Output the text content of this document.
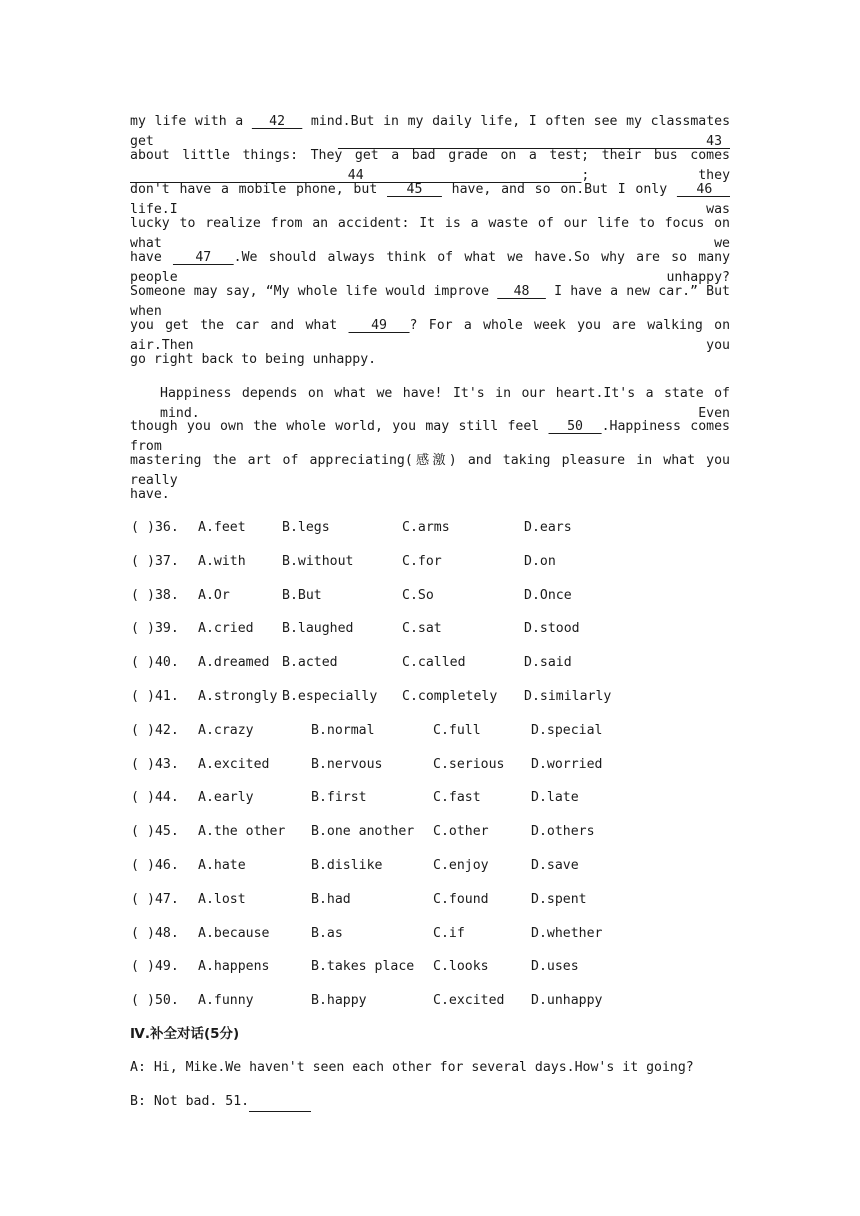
my life with a   42   mind.But in my daily life, I often see my classmates get   43
about little things: They get a bad grade on a test; their bus comes   44  ; they
don't have a mobile phone, but   45   have, and so on.But I only   46   life.I was
lucky to realize from an accident: It is a waste of our life to focus on what we
have   47  .We should always think of what we have.So why are so many people unhappy?
Someone may say, “My whole life would improve   48   I have a new car.” But when
you get the car and what   49  ? For a whole week you are walking on air.Then you
go right back to being unhappy.
Happiness depends on what we have! It's in our heart.It's a state of mind. Even
though you own the whole world, you may still feel   50  .Happiness comes from
mastering the art of appreciating(感激) and taking pleasure in what you really
have.
( )36. A.feet	B.legs	C.arms	D.ears
( )37. A.with	B.without	C.for	D.on
( )38. A.Or	B.But	C.So	D.Once
( )39. A.cried B.laughed	C.sat	D.stood
( )40. A.dreamed B.acted	C.called	D.said
( )41. A.strongly B.especially C.completely D.similarly
( )42. A.crazy	B.normal	C.full	D.special
( )43. A.excited	B.nervous	C.serious D.worried
( )44. A.early	B.first	C.fast	D.late
( )45. A.the other B.one another C.other	D.others
( )46. A.hate	B.dislike	C.enjoy	D.save
( )47. A.lost	B.had	C.found	D.spent
( )48. A.because	B.as	C.if	D.whether
( )49. A.happens	B.takes place C.looks	D.uses
( )50. A.funny	B.happy	C.excited D.unhappy
Ⅳ.补全对话(5分)
A: Hi, Mike.We haven't seen each other for several days.How's it going?
B: Not bad. 51.
